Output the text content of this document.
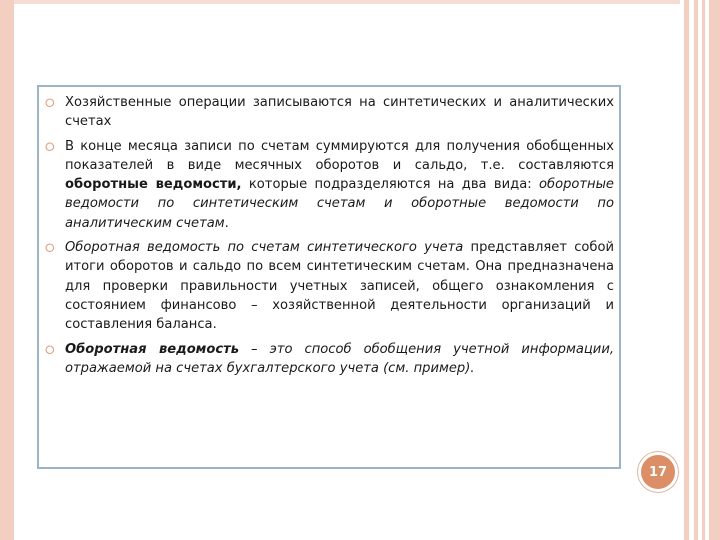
⭘ Хозяйственные операции записываются на синтетических и аналитических счетах
⭘ В конце месяца записи по счетам суммируются для получения обобщенных показателей в виде месячных оборотов и сальдо, т.е. составляются оборотные ведомости, которые подразделяются на два вида: оборотные ведомости по синтетическим счетам и оборотные ведомости по аналитическим счетам.
⭘ Оборотная ведомость по счетам синтетического учета представляет собой итоги оборотов и сальдо по всем синтетическим счетам. Она предназначена для проверки правильности учетных записей, общего ознакомления с состоянием финансово – хозяйственной деятельности организаций и составления баланса.
⭘ Оборотная ведомость – это способ обобщения учетной информации, отражаемой на счетах бухгалтерского учета (см. пример).
17
